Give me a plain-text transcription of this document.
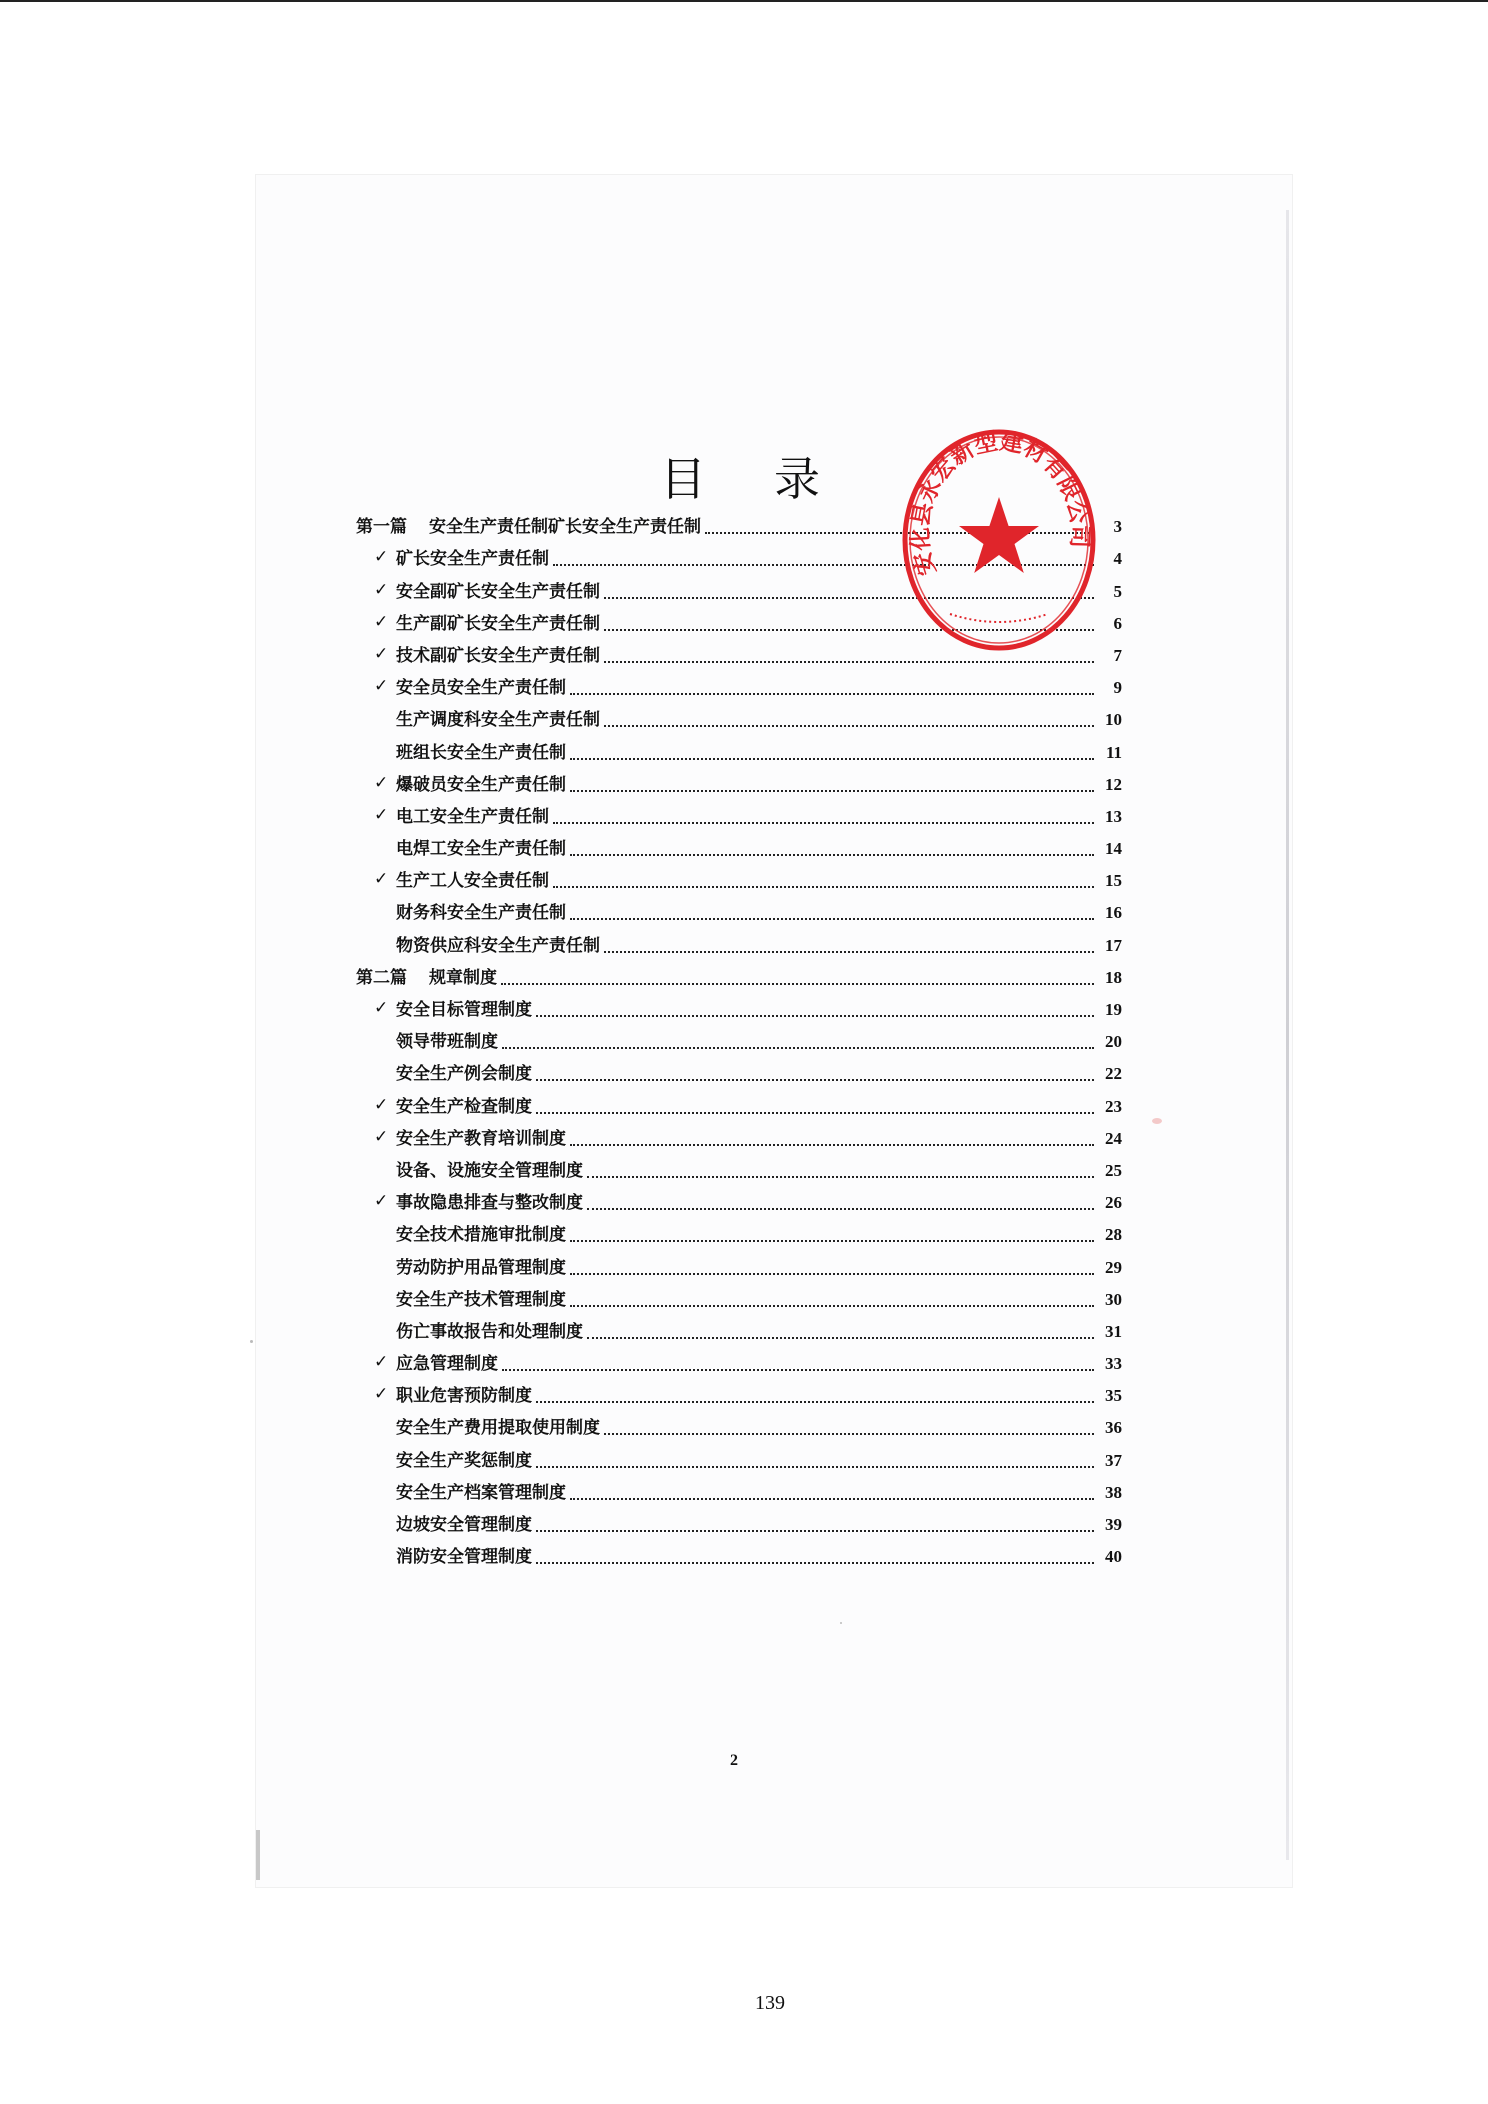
目 录
第一篇 安全生产责任制矿长安全生产责任制	3
✓ 矿长安全生产责任制	4
✓ 安全副矿长安全生产责任制	5
✓ 生产副矿长安全生产责任制	6
✓ 技术副矿长安全生产责任制	7
✓ 安全员安全生产责任制	9
生产调度科安全生产责任制	10
班组长安全生产责任制	11
✓ 爆破员安全生产责任制	12
✓ 电工安全生产责任制	13
电焊工安全生产责任制	14
✓ 生产工人安全责任制	15
财务科安全生产责任制	16
物资供应科安全生产责任制	17
第二篇 规章制度	18
✓ 安全目标管理制度	19
领导带班制度	20
安全生产例会制度	22
✓ 安全生产检查制度	23
✓ 安全生产教育培训制度	24
设备、设施安全管理制度	25
✓ 事故隐患排查与整改制度	26
安全技术措施审批制度	28
劳动防护用品管理制度	29
安全生产技术管理制度	30
伤亡事故报告和处理制度	31
✓ 应急管理制度	33
✓ 职业危害预防制度	35
安全生产费用提取使用制度	36
安全生产奖惩制度	37
安全生产档案管理制度	38
边坡安全管理制度	39
消防安全管理制度	40
安化县永宏新型建材有限公司
2
139
